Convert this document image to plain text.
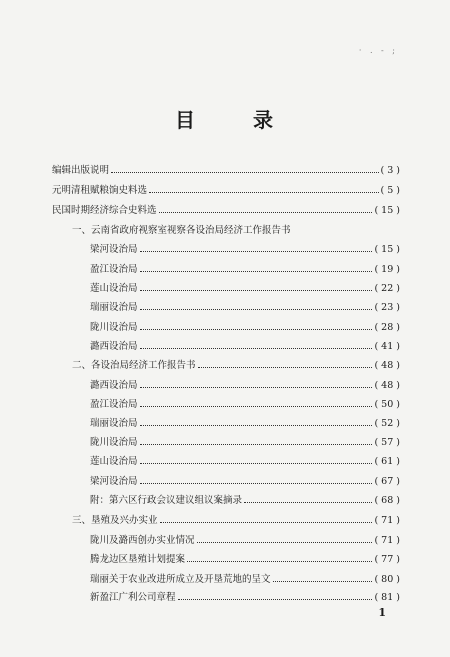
· . ‐ ;
目	录
编辑出版说明	( 3 )
元明清租赋粮饷史料选	( 5 )
民国时期经济综合史料选	( 15 )
一、云南省政府视察室视察各设治局经济工作报告书
梁河设治局	( 15 )
盈江设治局	( 19 )
莲山设治局	( 22 )
瑞丽设治局	( 23 )
陇川设治局	( 28 )
潞西设治局	( 41 )
二、各设治局经济工作报告书	( 48 )
潞西设治局	( 48 )
盈江设治局	( 50 )
瑞丽设治局	( 52 )
陇川设治局	( 57 )
莲山设治局	( 61 )
梁河设治局	( 67 )
附：第六区行政会议建议组议案摘录	( 68 )
三、垦殖及兴办实业	( 71 )
陇川及潞西创办实业情况	( 71 )
腾龙边区垦殖计划提案	( 77 )
瑞丽关于农业改进所成立及开垦荒地的呈文	( 80 )
新盈江广利公司章程	( 81 )
1
